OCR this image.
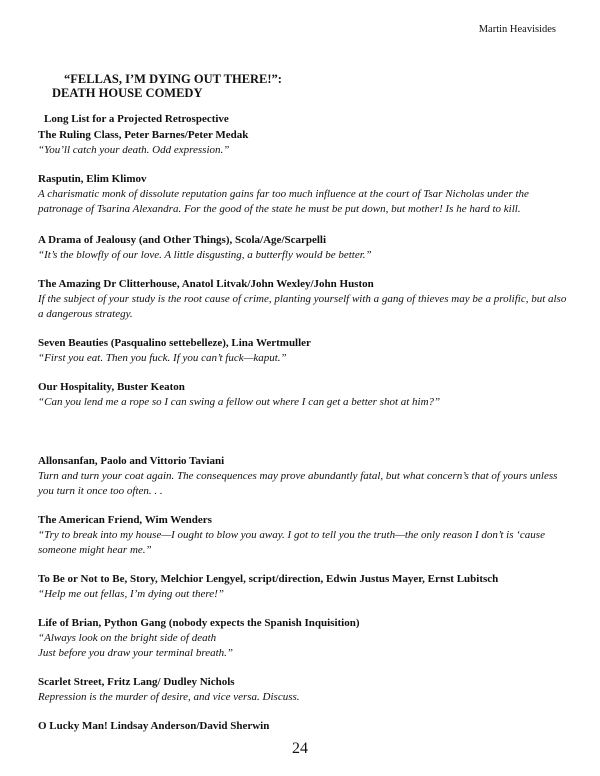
Martin Heavisides
“FELLAS, I’M DYING OUT THERE!”:
DEATH HOUSE COMEDY
Long List for a Projected Retrospective
The Ruling Class, Peter Barnes/Peter Medak
“You’ll catch your death. Odd expression.”
Rasputin, Elim Klimov
A charismatic monk of dissolute reputation gains far too much influence at the court of Tsar Nicholas under the patronage of Tsarina Alexandra. For the good of the state he must be put down, but mother! Is he hard to kill.
A Drama of Jealousy (and Other Things), Scola/Age/Scarpelli
“It’s the blowfly of our love. A little disgusting, a butterfly would be better.”
The Amazing Dr Clitterhouse, Anatol Litvak/John Wexley/John Huston
If the subject of your study is the root cause of crime, planting yourself with a gang of thieves may be a prolific, but also a dangerous strategy.
Seven Beauties (Pasqualino settebelleze), Lina Wertmuller
“First you eat. Then you fuck. If you can’t fuck—kaput.”
Our Hospitality, Buster Keaton
“Can you lend me a rope so I can swing a fellow out where I can get a better shot at him?”
Allonsanfan, Paolo and Vittorio Taviani
Turn and turn your coat again. The consequences may prove abundantly fatal, but what concern’s that of yours unless you turn it once too often. . .
The American Friend, Wim Wenders
“Try to break into my house—I ought to blow you away. I got to tell you the truth—the only reason I don’t is ‘cause someone might hear me.”
To Be or Not to Be, Story, Melchior Lengyel, script/direction, Edwin Justus Mayer, Ernst Lubitsch
“Help me out fellas, I’m dying out there!”
Life of Brian, Python Gang (nobody expects the Spanish Inquisition)
“Always look on the bright side of death
Just before you draw your terminal breath.”
Scarlet Street, Fritz Lang/ Dudley Nichols
Repression is the murder of desire, and vice versa. Discuss.
O Lucky Man! Lindsay Anderson/David Sherwin
24
